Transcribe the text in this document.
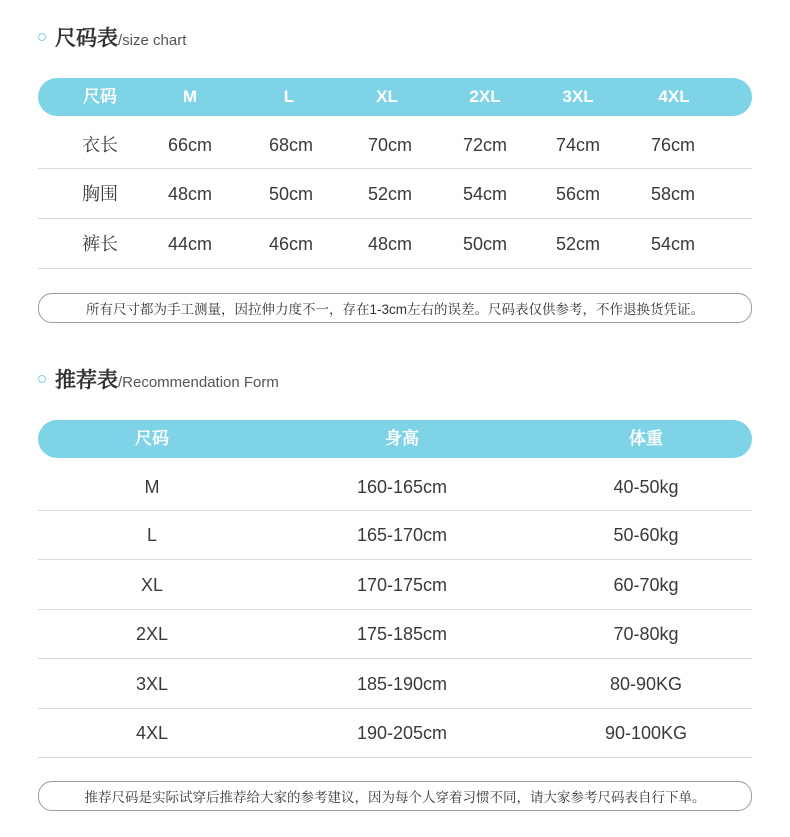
尺码表 /size chart
尺码	M	L	XL	2XL	3XL	4XL
衣长	66cm	68cm	70cm	72cm	74cm	76cm
胸围	48cm	50cm	52cm	54cm	56cm	58cm
裤长	44cm	46cm	48cm	50cm	52cm	54cm
所有尺寸都为手工测量，因拉伸力度不一，存在1-3cm左右的误差。尺码表仅供参考，不作退换货凭证。
推荐表 /Recommendation Form
尺码	身高	体重
M	160-165cm	40-50kg
L	165-170cm	50-60kg
XL	170-175cm	60-70kg
2XL	175-185cm	70-80kg
3XL	185-190cm	80-90KG
4XL	190-205cm	90-100KG
推荐尺码是实际试穿后推荐给大家的参考建议，因为每个人穿着习惯不同，请大家参考尺码表自行下单。
